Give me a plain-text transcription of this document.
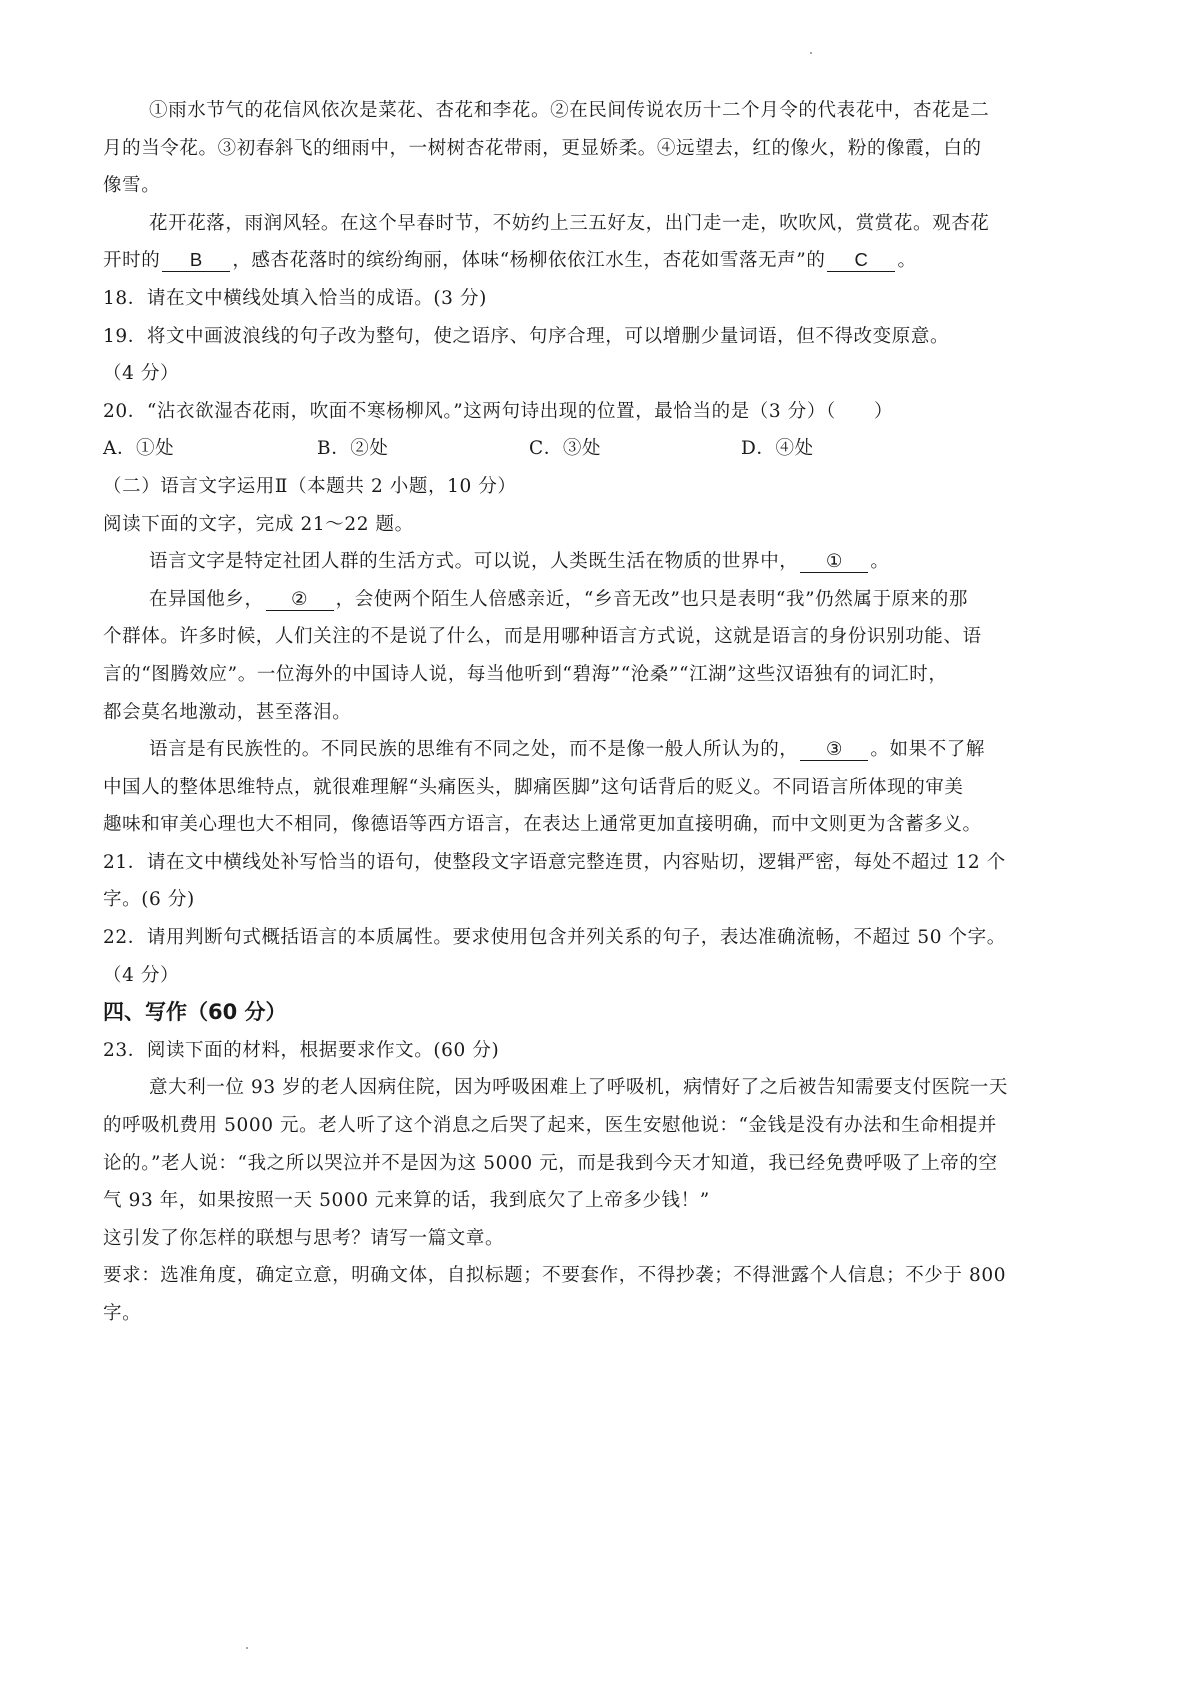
①雨水节气的花信风依次是菜花、杏花和李花。②在民间传说农历十二个月令的代表花中，杏花是二
月的当令花。③初春斜飞的细雨中，一树树杏花带雨，更显娇柔。④远望去，红的像火，粉的像霞，白的
像雪。
花开花落，雨润风轻。在这个早春时节，不妨约上三五好友，出门走一走，吹吹风，赏赏花。观杏花
开时的 B ，感杏花落时的缤纷绚丽，体味“杨柳依依江水生，杏花如雪落无声”的 C 。
18．请在文中横线处填入恰当的成语。(3 分)
19．将文中画波浪线的句子改为整句，使之语序、句序合理，可以增删少量词语，但不得改变原意。
（4 分）
20．“沾衣欲湿杏花雨，吹面不寒杨柳风。”这两句诗出现的位置，最恰当的是（3 分）（　　）
A．①处	B．②处	C．③处	D．④处
（二）语言文字运用Ⅱ（本题共 2 小题，10 分）
阅读下面的文字，完成 21～22 题。
语言文字是特定社团人群的生活方式。可以说，人类既生活在物质的世界中， ① 。
在异国他乡， ② ，会使两个陌生人倍感亲近，“乡音无改”也只是表明“我”仍然属于原来的那
个群体。许多时候，人们关注的不是说了什么，而是用哪种语言方式说，这就是语言的身份识别功能、语
言的“图腾效应”。一位海外的中国诗人说，每当他听到“碧海”“沧桑”“江湖”这些汉语独有的词汇时，
都会莫名地激动，甚至落泪。
语言是有民族性的。不同民族的思维有不同之处，而不是像一般人所认为的， ③ 。如果不了解
中国人的整体思维特点，就很难理解“头痛医头，脚痛医脚”这句话背后的贬义。不同语言所体现的审美
趣味和审美心理也大不相同，像德语等西方语言，在表达上通常更加直接明确，而中文则更为含蓄多义。
21．请在文中横线处补写恰当的语句，使整段文字语意完整连贯，内容贴切，逻辑严密，每处不超过 12 个
字。(6 分)
22．请用判断句式概括语言的本质属性。要求使用包含并列关系的句子，表达准确流畅，不超过 50 个字。
（4 分）
四、写作（60 分）
23．阅读下面的材料，根据要求作文。(60 分)
意大利一位 93 岁的老人因病住院，因为呼吸困难上了呼吸机，病情好了之后被告知需要支付医院一天
的呼吸机费用 5000 元。老人听了这个消息之后哭了起来，医生安慰他说：“金钱是没有办法和生命相提并
论的。”老人说：“我之所以哭泣并不是因为这 5000 元，而是我到今天才知道，我已经免费呼吸了上帝的空
气 93 年，如果按照一天 5000 元来算的话，我到底欠了上帝多少钱！”
这引发了你怎样的联想与思考？请写一篇文章。
要求：选准角度，确定立意，明确文体，自拟标题；不要套作，不得抄袭；不得泄露个人信息；不少于 800
字。
